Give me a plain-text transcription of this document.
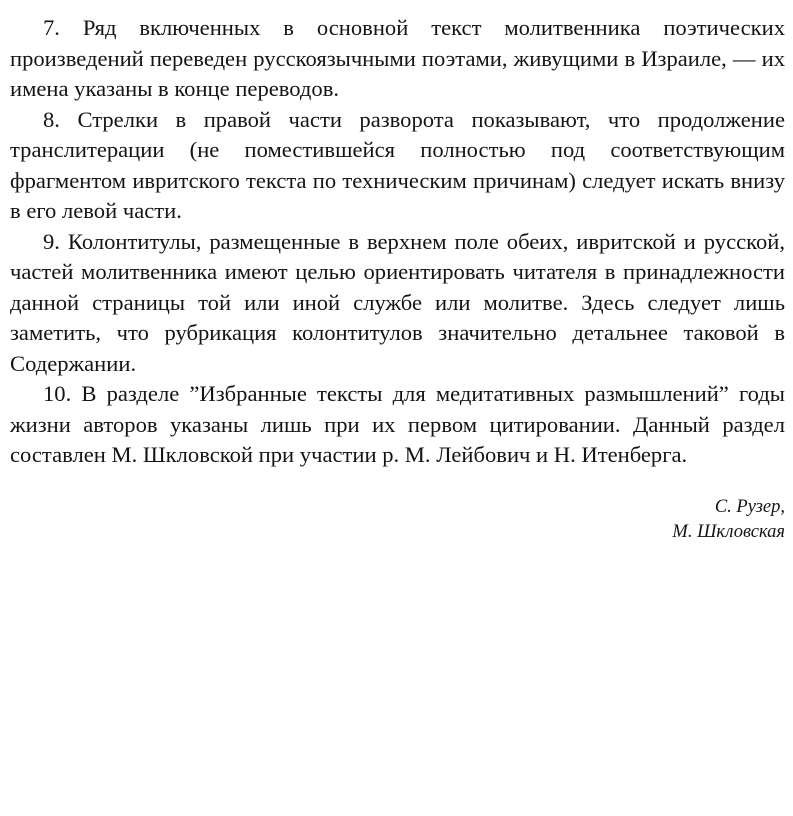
7. Ряд включенных в основной текст молитвенника поэтических произведений переведен русскоязычными поэтами, живущими в Израиле, — их имена указаны в конце переводов.

8. Стрелки в правой части разворота показывают, что продолжение транслитерации (не поместившейся полностью под соответствующим фрагментом ивритского текста по техническим причинам) следует искать внизу в его левой части.

9. Колонтитулы, размещенные в верхнем поле обеих, ивритской и русской, частей молитвенника имеют целью ориентировать читателя в принадлежности данной страницы той или иной службе или молитве. Здесь следует лишь заметить, что рубрикация колонтитулов значительно детальнее таковой в Содержании.

10. В разделе ”Избранные тексты для медитативных размышлений” годы жизни авторов указаны лишь при их первом цитировании. Данный раздел составлен М. Шкловской при участии р. М. Лейбович и Н. Итенберга.

С. Рузер,
М. Шкловская
